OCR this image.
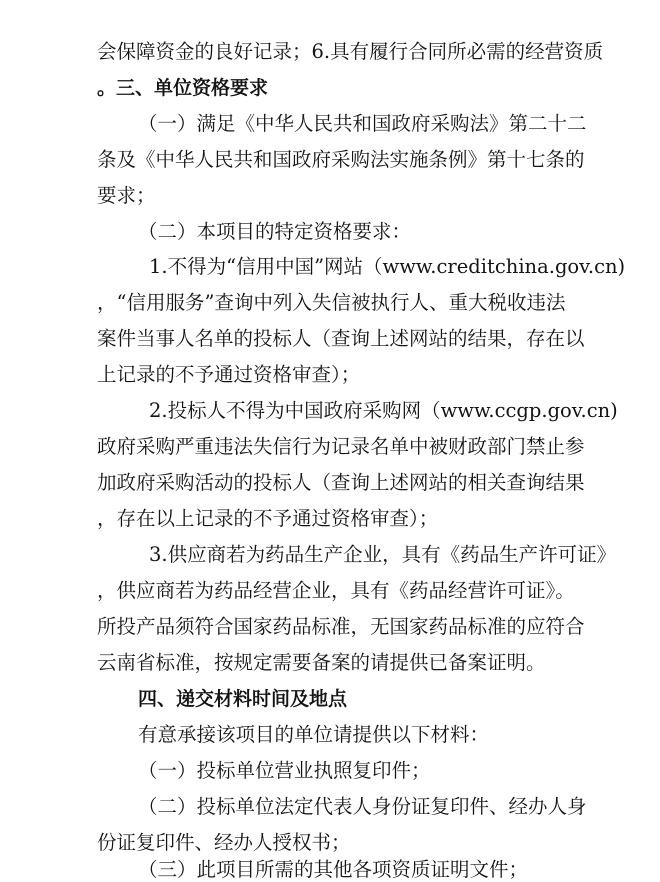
会保障资金的良好记录；6.具有履行合同所必需的经营资质
。三、单位资格要求
（一）满足《中华人民共和国政府采购法》第二十二
条及《中华人民共和国政府采购法实施条例》第十七条的
要求；
（二）本项目的特定资格要求：
1.不得为“信用中国”网站（www.creditchina.gov.cn)
，“信用服务”查询中列入失信被执行人、重大税收违法
案件当事人名单的投标人（查询上述网站的结果，存在以
上记录的不予通过资格审查）；
2.投标人不得为中国政府采购网（www.ccgp.gov.cn)
政府采购严重违法失信行为记录名单中被财政部门禁止参
加政府采购活动的投标人（查询上述网站的相关查询结果
，存在以上记录的不予通过资格审查）；
3.供应商若为药品生产企业，具有《药品生产许可证》
，供应商若为药品经营企业，具有《药品经营许可证》。
所投产品须符合国家药品标准，无国家药品标准的应符合
云南省标准，按规定需要备案的请提供已备案证明。
四、递交材料时间及地点
有意承接该项目的单位请提供以下材料：
（一）投标单位营业执照复印件；
（二）投标单位法定代表人身份证复印件、经办人身
份证复印件、经办人授权书；
（三）此项目所需的其他各项资质证明文件；
